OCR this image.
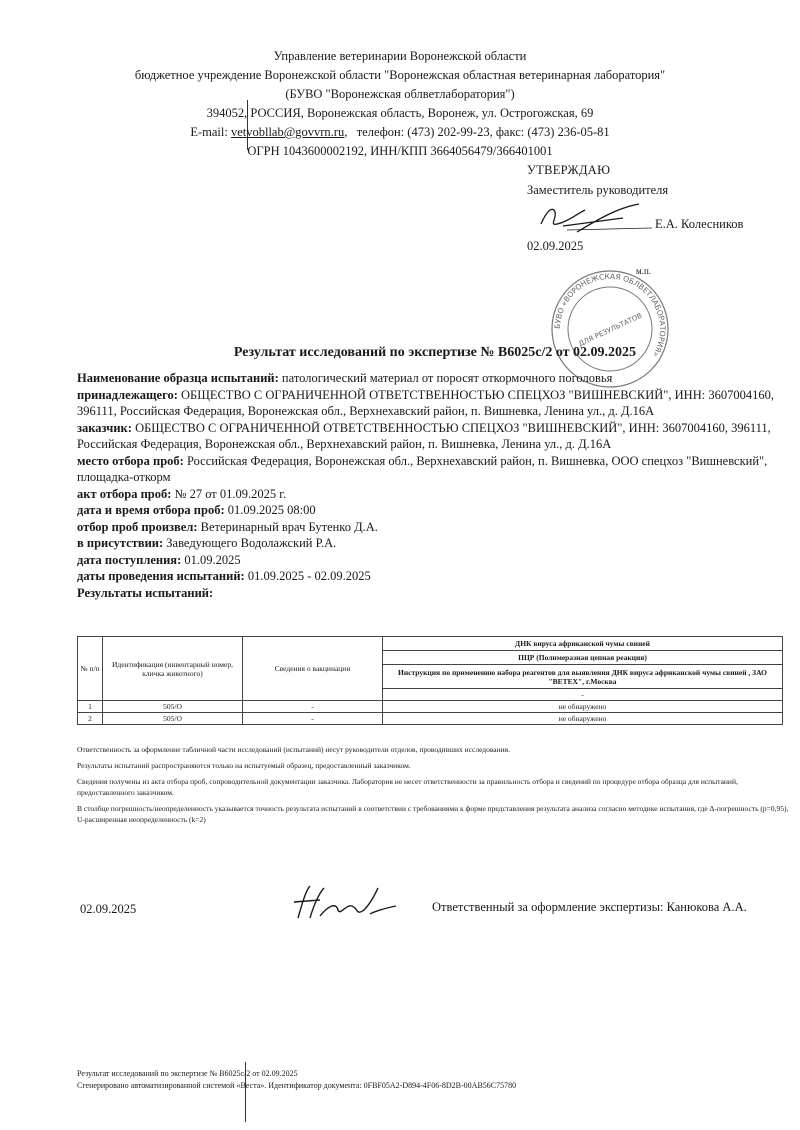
Управление ветеринарии Воронежской области
бюджетное учреждение Воронежской области "Воронежская областная ветеринарная лаборатория"
(БУВО "Воронежская облветлаборатория")
394052, РОССИЯ, Воронежская область, Воронеж, ул. Острогожская, 69
E-mail: vetvobllab@govvrn.ru,   телефон: (473) 202-99-23, факс: (473) 236-05-81
ОГРН 1043600002192, ИНН/КПП 3664056479/366401001
УТВЕРЖДАЮ
Заместитель руководителя
Е.А. Колесников
02.09.2025
м.п.
БУВО «ВОРОНЕЖСКАЯ ОБЛВЕТЛАБОРАТОРИЯ»
ДЛЯ РЕЗУЛЬТАТОВ
Результат исследований по экспертизе № В6025с/2 от 02.09.2025

Наименование образца испытаний: патологический материал от поросят откормочного поголовья

принадлежащего: ОБЩЕСТВО С ОГРАНИЧЕННОЙ ОТВЕТСТВЕННОСТЬЮ СПЕЦХОЗ "ВИШНЕВСКИЙ", ИНН: 3607004160, 396111, Российская Федерация, Воронежская обл., Верхнехавский район, п. Вишневка, Ленина ул., д. Д.16А

заказчик: ОБЩЕСТВО С ОГРАНИЧЕННОЙ ОТВЕТСТВЕННОСТЬЮ СПЕЦХОЗ "ВИШНЕВСКИЙ", ИНН: 3607004160, 396111, Российская Федерация, Воронежская обл., Верхнехавский район, п. Вишневка, Ленина ул., д. Д.16А

место отбора проб: Российская Федерация, Воронежская обл., Верхнехавский район, п. Вишневка, ООО спецхоз "Вишневский", площадка-откорм

акт отбора проб: № 27 от 01.09.2025 г.

дата и время отбора проб: 01.09.2025 08:00

отбор проб произвел: Ветеринарный врач Бутенко Д.А.

в присутствии: Заведующего Водолажский Р.А.

дата поступления: 01.09.2025

даты проведения испытаний: 01.09.2025 - 02.09.2025

Результаты испытаний:

№ п/п	Идентификация (инвентарный номер, кличка животного)	Сведения о вакцинации	ДНК вируса африканской чумы свиней
			ПЦР (Полимеразная цепная реакция)
			Инструкция по применению набора реагентов для выявления ДНК вируса африканской чумы свиней , ЗАО "ВЕТЕХ", г.Москва
			-
1	505/О	-	не обнаружено
2	505/О	-	не обнаружено

Ответственность за оформление табличной части исследований (испытаний) несут руководители отделов, проводивших исследования.

Результаты испытаний распространяются только на испытуемый образец, предоставленный заказчиком.

Сведения получены из акта отбора проб, сопроводительной документации заказчика. Лаборатория не несет ответственности за правильность отбора и сведений по процедуре отбора образца для испытаний, предоставленного заказчиком.

В столбце погрешность/неопределенность указывается точность результата испытаний в соответствии с требованиями к форме представления результата анализа согласно методике испытания, где Δ-погрешность (p=0,95), U-расширенная неопределенность (k=2)

02.09.2025	Ответственный за оформление экспертизы: Канюкова А.А.
Результат исследований по экспертизе № В6025с/2 от 02.09.2025
Сгенерировано автоматизированной системой «Веста». Идентификатор документа: 0FBF05A2-D894-4F06-8D2B-00AB56C75780
